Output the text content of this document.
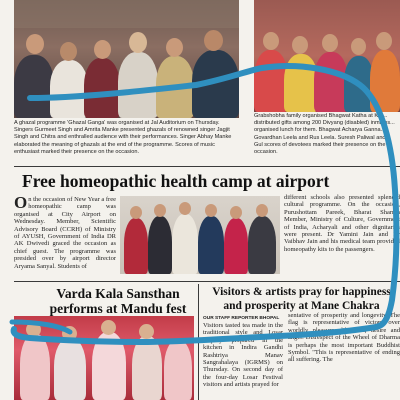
A ghazal programme 'Ghazal Ganga' was organised at Jal Auditorium on Thursday. Singers Gurmeet Singh and Amrita Manke presented ghazals of renowned singer Jagjit Singh and Chitra and enthralled audience with their performances. Singer Abhay Manke elaborated the meaning of ghazals at the end of the programme. Scores of music enthusiast marked their presence on the occasion.
Grabshobha family organised Bhagwat Katha at Kor... distributed gifts among 200 Divyang (disabled) inmates... organised lunch for them. Bhagwat Acharya Ganna... Govardhan Leela and Rus Leela. Suresh Paliwal and... Gul scores of devotees marked their presence on the occasion.
Free homeopathic health camp at airport
On the occasion of New Year a free homeopathic camp was organised at City Airport on Wednesday. Member, Scientific Advisory Board (CCRH) of Ministry of AYUSH, Government of India DR AK Dwivedi graced the occasion as chief guest. The programme was presided over by airport director Aryama Sanyal. Students of
different schools also presented splendid cultural programme. On the occasion, Purushottam Pareek, Bharat Sharma Member, Ministry of Culture, Government of India, Acharyali and other dignitaries were present. Dr Yamini Jain and Dr Vaibhav Jain and his medical team provided homeopathy kits to the passengers.
Varda Kala Sansthan performs at Mandu fest
Visitors & artists pray for happiness and prosperity at Mane Chakra
OUR STAFF REPORTER BHOPAL
Visitors tasted tea made in the traditional style and Losar Kapsey' prepared in the kitchen in Indira Gandhi Rashtriya Manav Sangrahalaya (IGRMS) on Thursday. On second day of the four-day Losar Festival visitors and artists prayed for
sentative of prosperity and longevity. The flag is representative of victory over worldly pleasures like lust, desire and anger. Disrespect of the Wheel of Dharma is perhaps the most important Buddhist Symbol. "This is representative of ending all suffering. The
